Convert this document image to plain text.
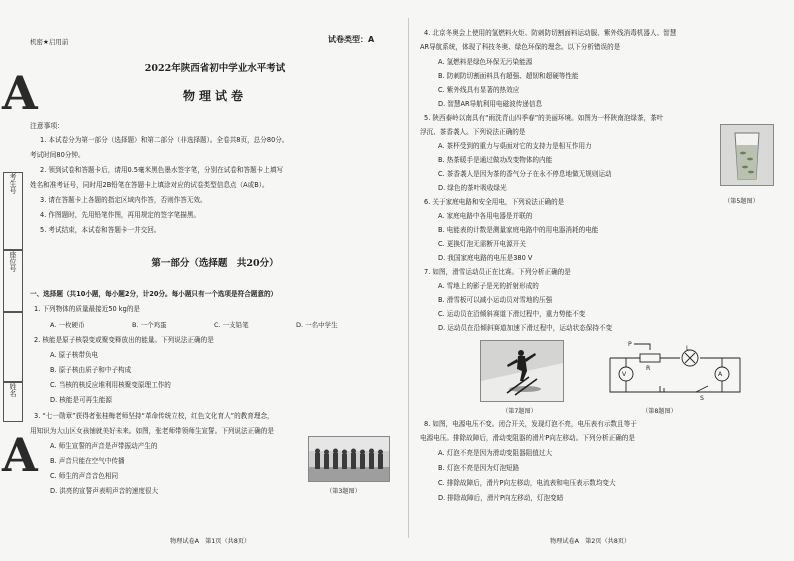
A
考生号
座位号
姓名
A
机密★启用前	试卷类型：A
2022年陕西省初中学业水平考试
物理试卷
注意事项：
1. 本试卷分为第一部分（选择题）和第二部分（非选择题）。全卷共8页，总分80分。
考试时间80分钟。
2. 领到试卷和答题卡后，请用0.5毫米黑色墨水签字笔，分别在试卷和答题卡上填写
姓名和准考证号，同时用2B铅笔在答题卡上填涂对应的试卷类型信息点（A或B）。
3. 请在答题卡上各题的指定区域内作答，否则作答无效。
4. 作图题时，先用铅笔作图，再用规定的签字笔描黑。
5. 考试结束，本试卷和答题卡一并交回。
第一部分（选择题　共20分）
一、选择题（共10小题，每小题2分，计20分。每小题只有一个选项是符合题意的）
1. 下列物体的质量最接近50 kg的是
A. 一枚硬币	B. 一个鸡蛋	C. 一支铅笔	D. 一名中学生
2. 核能是原子核裂变或聚变释放出的能量。下列说法正确的是
A. 原子核带负电
B. 原子核由质子和中子构成
C. 当核的核反应堆利用核聚变原理工作的
D. 核能是可再生能源
3. “七一勋章”获得者张桂梅老师坚持“革命传统立校，红色文化育人”的教育理念，
用知识为大山区女孩铺就美好未来。如图，张老师带领师生宣誓。下列说法正确的是
A. 师生宣誓的声音是声带振动产生的
B. 声音只能在空气中传播
C. 师生的声音音色相同
D. 洪亮的宣誓声表明声音的速度很大	（第3题图）
物理试卷A　第1页（共8页）
4. 北京冬奥会上使用的氢燃料火炬、防刺防切割面料运动服、紫外线消毒机器人、智慧
AR导航系统，体现了科技冬奥、绿色环保的理念。以下分析错误的是
A. 氢燃料是绿色环保无污染能源
B. 防刺防切割面料具有超强、超韧和超硬等性能
C. 紫外线具有显著的热效应
D. 智慧AR导航利用电磁波传递信息
5. 陕西泰岭以南具有“雨洗青山四季春”的美丽环境。如图为一杯陕南泡绿茶，茶叶
浮沉、茶香袭人。下列说法正确的是
A. 茶杯受到的重力与桌面对它的支持力是相互作用力
B. 热茶暖手是通过做功改变物体的内能
C. 茶香袭人是因为茶的香气分子在永不停息地做无规则运动
D. 绿色的茶叶吸收绿光
（第5题图）
6. 关于家庭电路和安全用电，下列说法正确的是
A. 家庭电路中各用电器是并联的
B. 电能表的计数是测量家庭电路中的用电器消耗的电能
C. 更换灯泡无需断开电源开关
D. 我国家庭电路的电压是380 V
7. 如图，滑雪运动员正在比赛。下列分析正确的是
A. 雪地上的影子是光的折射形成的
B. 滑雪板可以减小运动员对雪地的压强
C. 运动员在沿倾斜赛道下滑过程中，重力势能不变
D. 运动员在沿倾斜赛道加速下滑过程中，运动状态保持不变
（第7题图）
V	A
R
P
L
S
（第8题图）
8. 如图，电源电压不变。闭合开关，发现灯泡不亮，电压表有示数且等于
电源电压。排除故障后，滑动变阻器的滑片P向左移动。下列分析正确的是
A. 灯泡不亮是因为滑动变阻器阻值过大
B. 灯泡不亮是因为灯泡短路
C. 排除故障后，滑片P向左移动，电流表和电压表示数均变大
D. 排除故障后，滑片P向左移动，灯泡变暗
物理试卷A　第2页（共8页）
